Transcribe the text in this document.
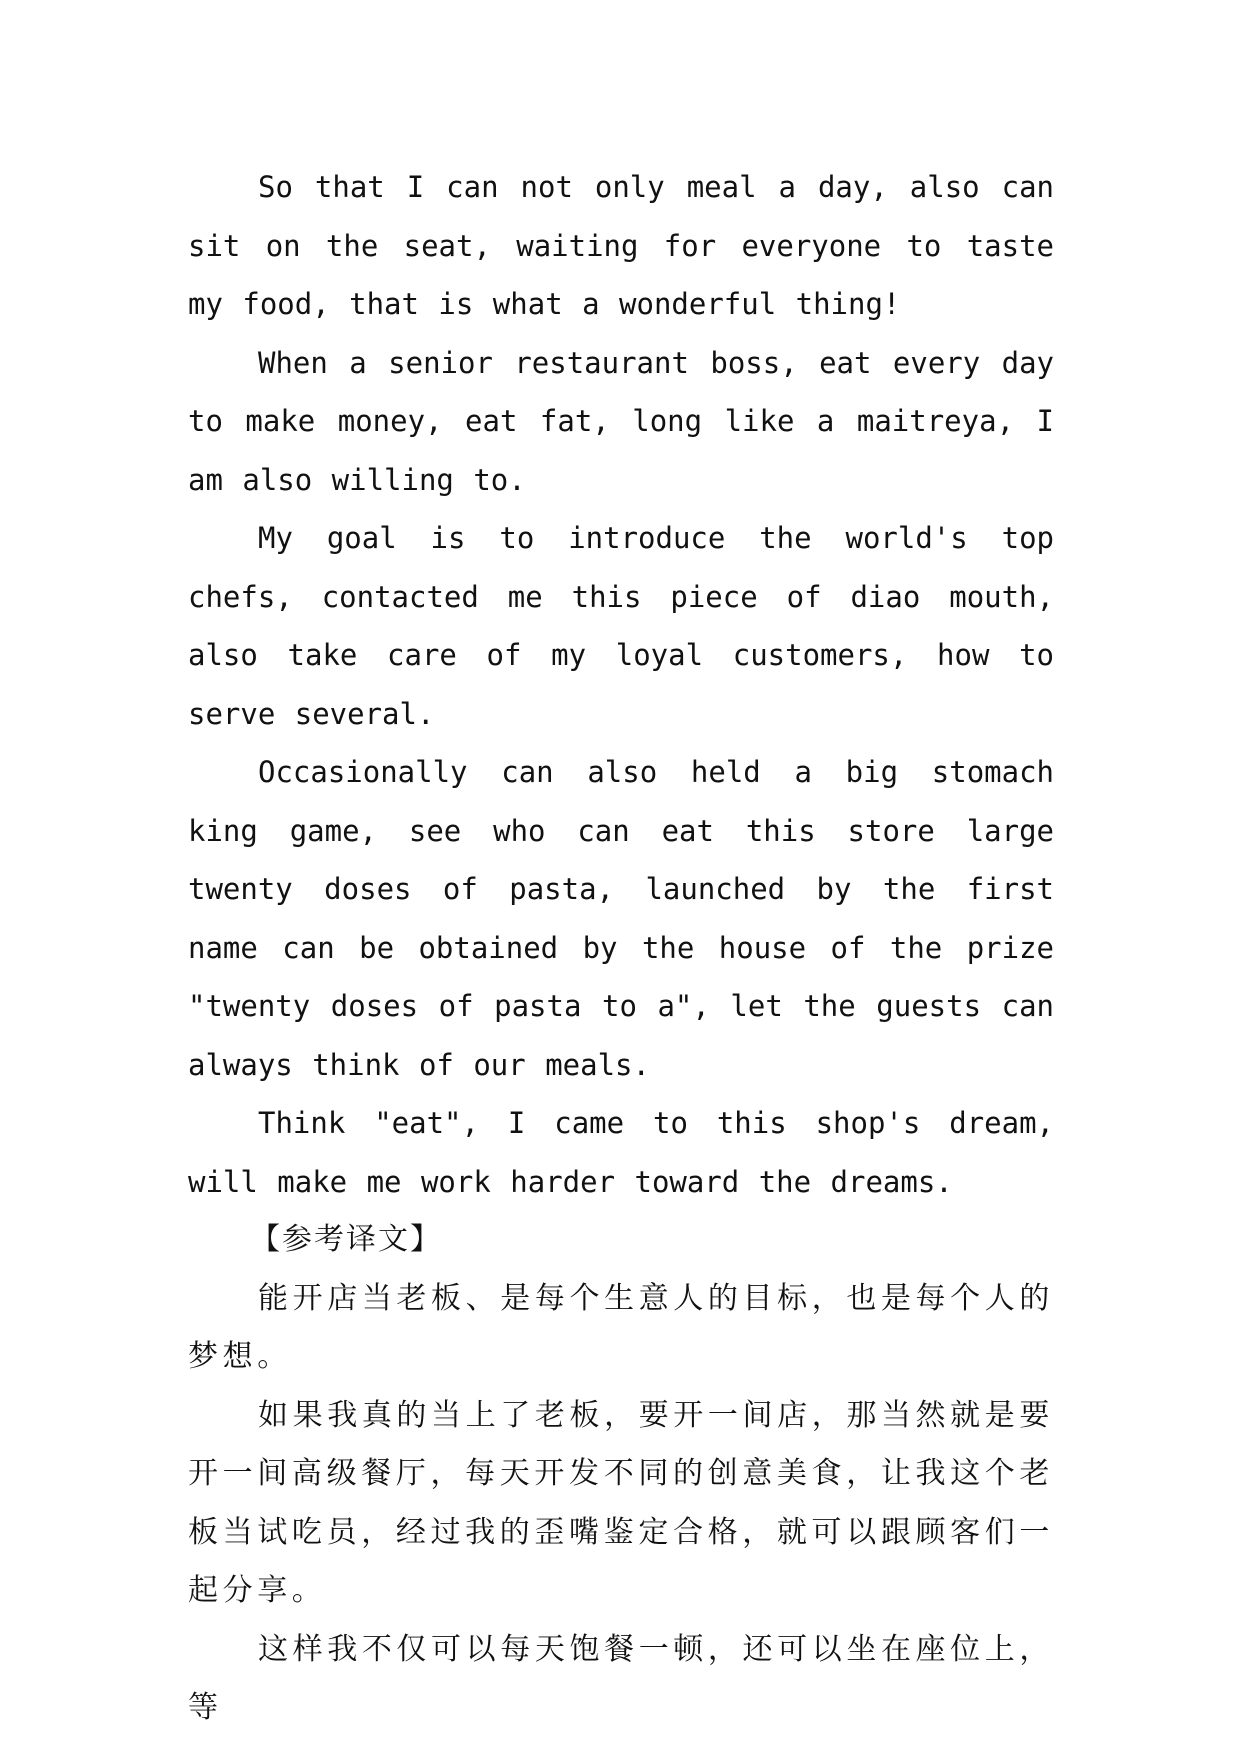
So that I can not only meal a day, also can sit on the seat, waiting for everyone to taste my food, that is what a wonderful thing!

When a senior restaurant boss, eat every day to make money, eat fat, long like a maitreya, I am also willing to.

My goal is to introduce the world's top chefs, contacted me this piece of diao mouth, also take care of my loyal customers, how to serve several.

Occasionally can also held a big stomach king game, see who can eat this store large twenty doses of pasta, launched by the first name can be obtained by the house of the prize "twenty doses of pasta to a", let the guests can always think of our meals.

Think "eat", I came to this shop's dream, will make me work harder toward the dreams.

【参考译文】

能开店当老板、是每个生意人的目标，也是每个人的梦想。

如果我真的当上了老板，要开一间店，那当然就是要开一间高级餐厅，每天开发不同的创意美食，让我这个老板当试吃员，经过我的歪嘴鉴定合格，就可以跟顾客们一起分享。

这样我不仅可以每天饱餐一顿，还可以坐在座位上，等
